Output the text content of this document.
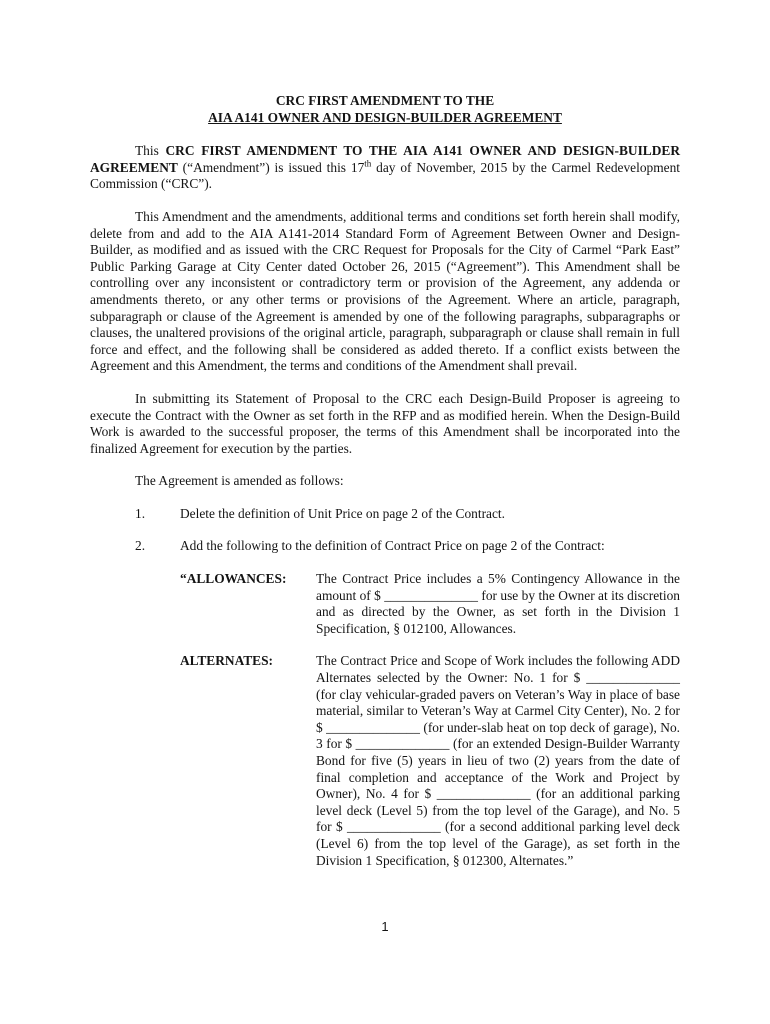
CRC FIRST AMENDMENT TO THE
AIA A141 OWNER AND DESIGN-BUILDER AGREEMENT

This CRC FIRST AMENDMENT TO THE AIA A141 OWNER AND DESIGN-BUILDER AGREEMENT (“Amendment”) is issued this 17th day of November, 2015 by the Carmel Redevelopment Commission (“CRC”).

This Amendment and the amendments, additional terms and conditions set forth herein shall modify, delete from and add to the AIA A141-2014 Standard Form of Agreement Between Owner and Design-Builder, as modified and as issued with the CRC Request for Proposals for the City of Carmel “Park East” Public Parking Garage at City Center dated October 26, 2015 (“Agreement”). This Amendment shall be controlling over any inconsistent or contradictory term or provision of the Agreement, any addenda or amendments thereto, or any other terms or provisions of the Agreement. Where an article, paragraph, subparagraph or clause of the Agreement is amended by one of the following paragraphs, subparagraphs or clauses, the unaltered provisions of the original article, paragraph, subparagraph or clause shall remain in full force and effect, and the following shall be considered as added thereto. If a conflict exists between the Agreement and this Amendment, the terms and conditions of the Amendment shall prevail.

In submitting its Statement of Proposal to the CRC each Design-Build Proposer is agreeing to execute the Contract with the Owner as set forth in the RFP and as modified herein. When the Design-Build Work is awarded to the successful proposer, the terms of this Amendment shall be incorporated into the finalized Agreement for execution by the parties.

The Agreement is amended as follows:

1.	Delete the definition of Unit Price on page 2 of the Contract.
2.	Add the following to the definition of Contract Price on page 2 of the Contract:
“ALLOWANCES:	The Contract Price includes a 5% Contingency Allowance in the amount of $ ______________ for use by the Owner at its discretion and as directed by the Owner, as set forth in the Division 1 Specification, § 012100, Allowances.
ALTERNATES:	The Contract Price and Scope of Work includes the following ADD Alternates selected by the Owner: No. 1 for $ ______________ (for clay vehicular-graded pavers on Veteran’s Way in place of base material, similar to Veteran’s Way at Carmel City Center), No. 2 for $ ______________ (for under-slab heat on top deck of garage), No. 3 for $ ______________ (for an extended Design-Builder Warranty Bond for five (5) years in lieu of two (2) years from the date of final completion and acceptance of the Work and Project by Owner), No. 4 for $ ______________ (for an additional parking level deck (Level 5) from the top level of the Garage), and No. 5 for $ ______________ (for a second additional parking level deck (Level 6) from the top level of the Garage), as set forth in the Division 1 Specification, § 012300, Alternates.”
1
